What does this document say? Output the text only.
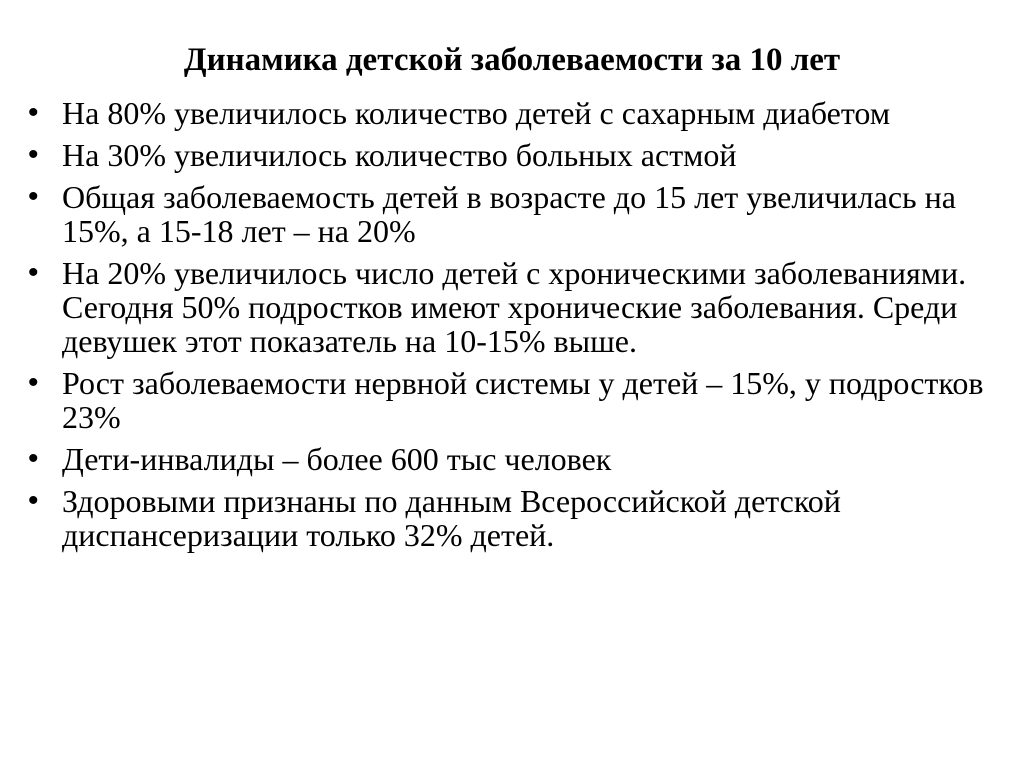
Динамика детской заболеваемости за 10 лет
• На 80% увеличилось количество детей с сахарным диабетом
• На 30% увеличилось количество больных астмой
• Общая заболеваемость детей в возрасте до 15 лет увеличилась на 15%, а 15-18 лет – на 20%
• На 20% увеличилось число детей с хроническими заболеваниями. Сегодня 50% подростков имеют хронические заболевания. Среди девушек этот показатель на 10-15% выше.
• Рост заболеваемости нервной системы у детей – 15%, у подростков 23%
• Дети-инвалиды – более 600 тыс человек
• Здоровыми признаны по данным Всероссийской детской диспансеризации только 32% детей.
